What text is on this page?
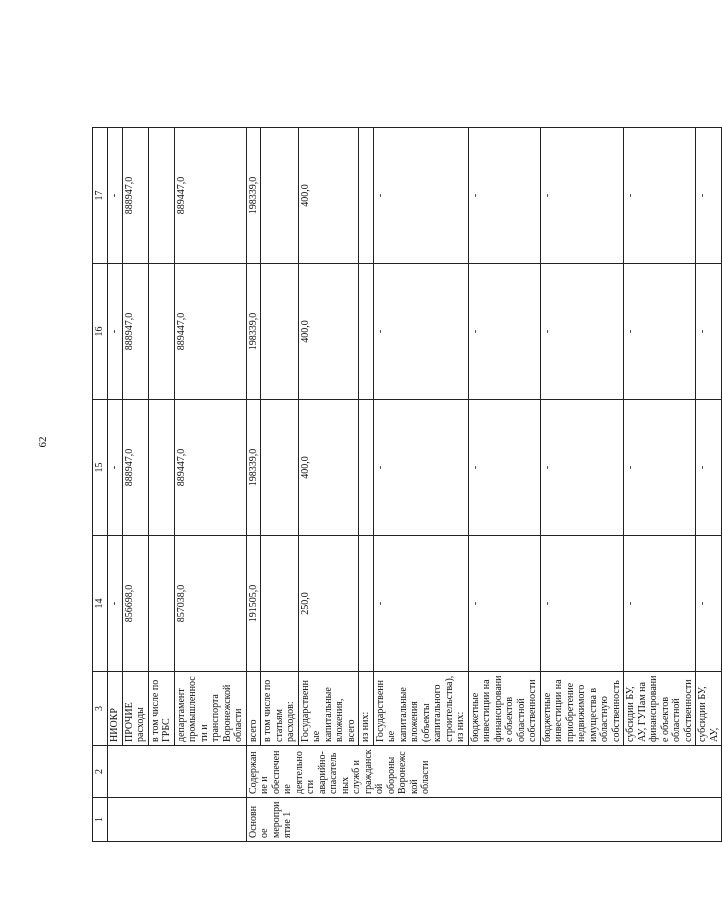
62
1	2	3	14	15	16	17
		НИОКР	-	-	-	-
		ПРОЧИЕ расходы	856698,0	888947,0	888947,0	888947,0
		в том числе по ГРБС				
		департамент промышленности и транспорта Воронежской области	857038,0	889447,0	889447,0	889447,0
Основное мероприятие 1	Содержание и обеспечение деятельности аварийно-спасательных служб и гражданской обороны Воронежской области	всего	191505,0	198339,0	198339,0	198339,0
		в том числе по статьям расходов:				
		Государственные капитальные вложения, всего	250,0	400,0	400,0	400,0
		из них:				
		Государственные капитальные вложения (объекты капитального строительства), из них:	-	-	-	-
		бюджетные инвестиции на финансирование объектов областной собственности	-	-	-	-
		бюджетные инвестиции на приобретение недвижимого имущества в областную собственность	-	-	-	-
		субсидии БУ, АУ, ГУПам на финансирование объектов областной собственности	-	-	-	-
		субсидии БУ, АУ,	-	-	-	-
